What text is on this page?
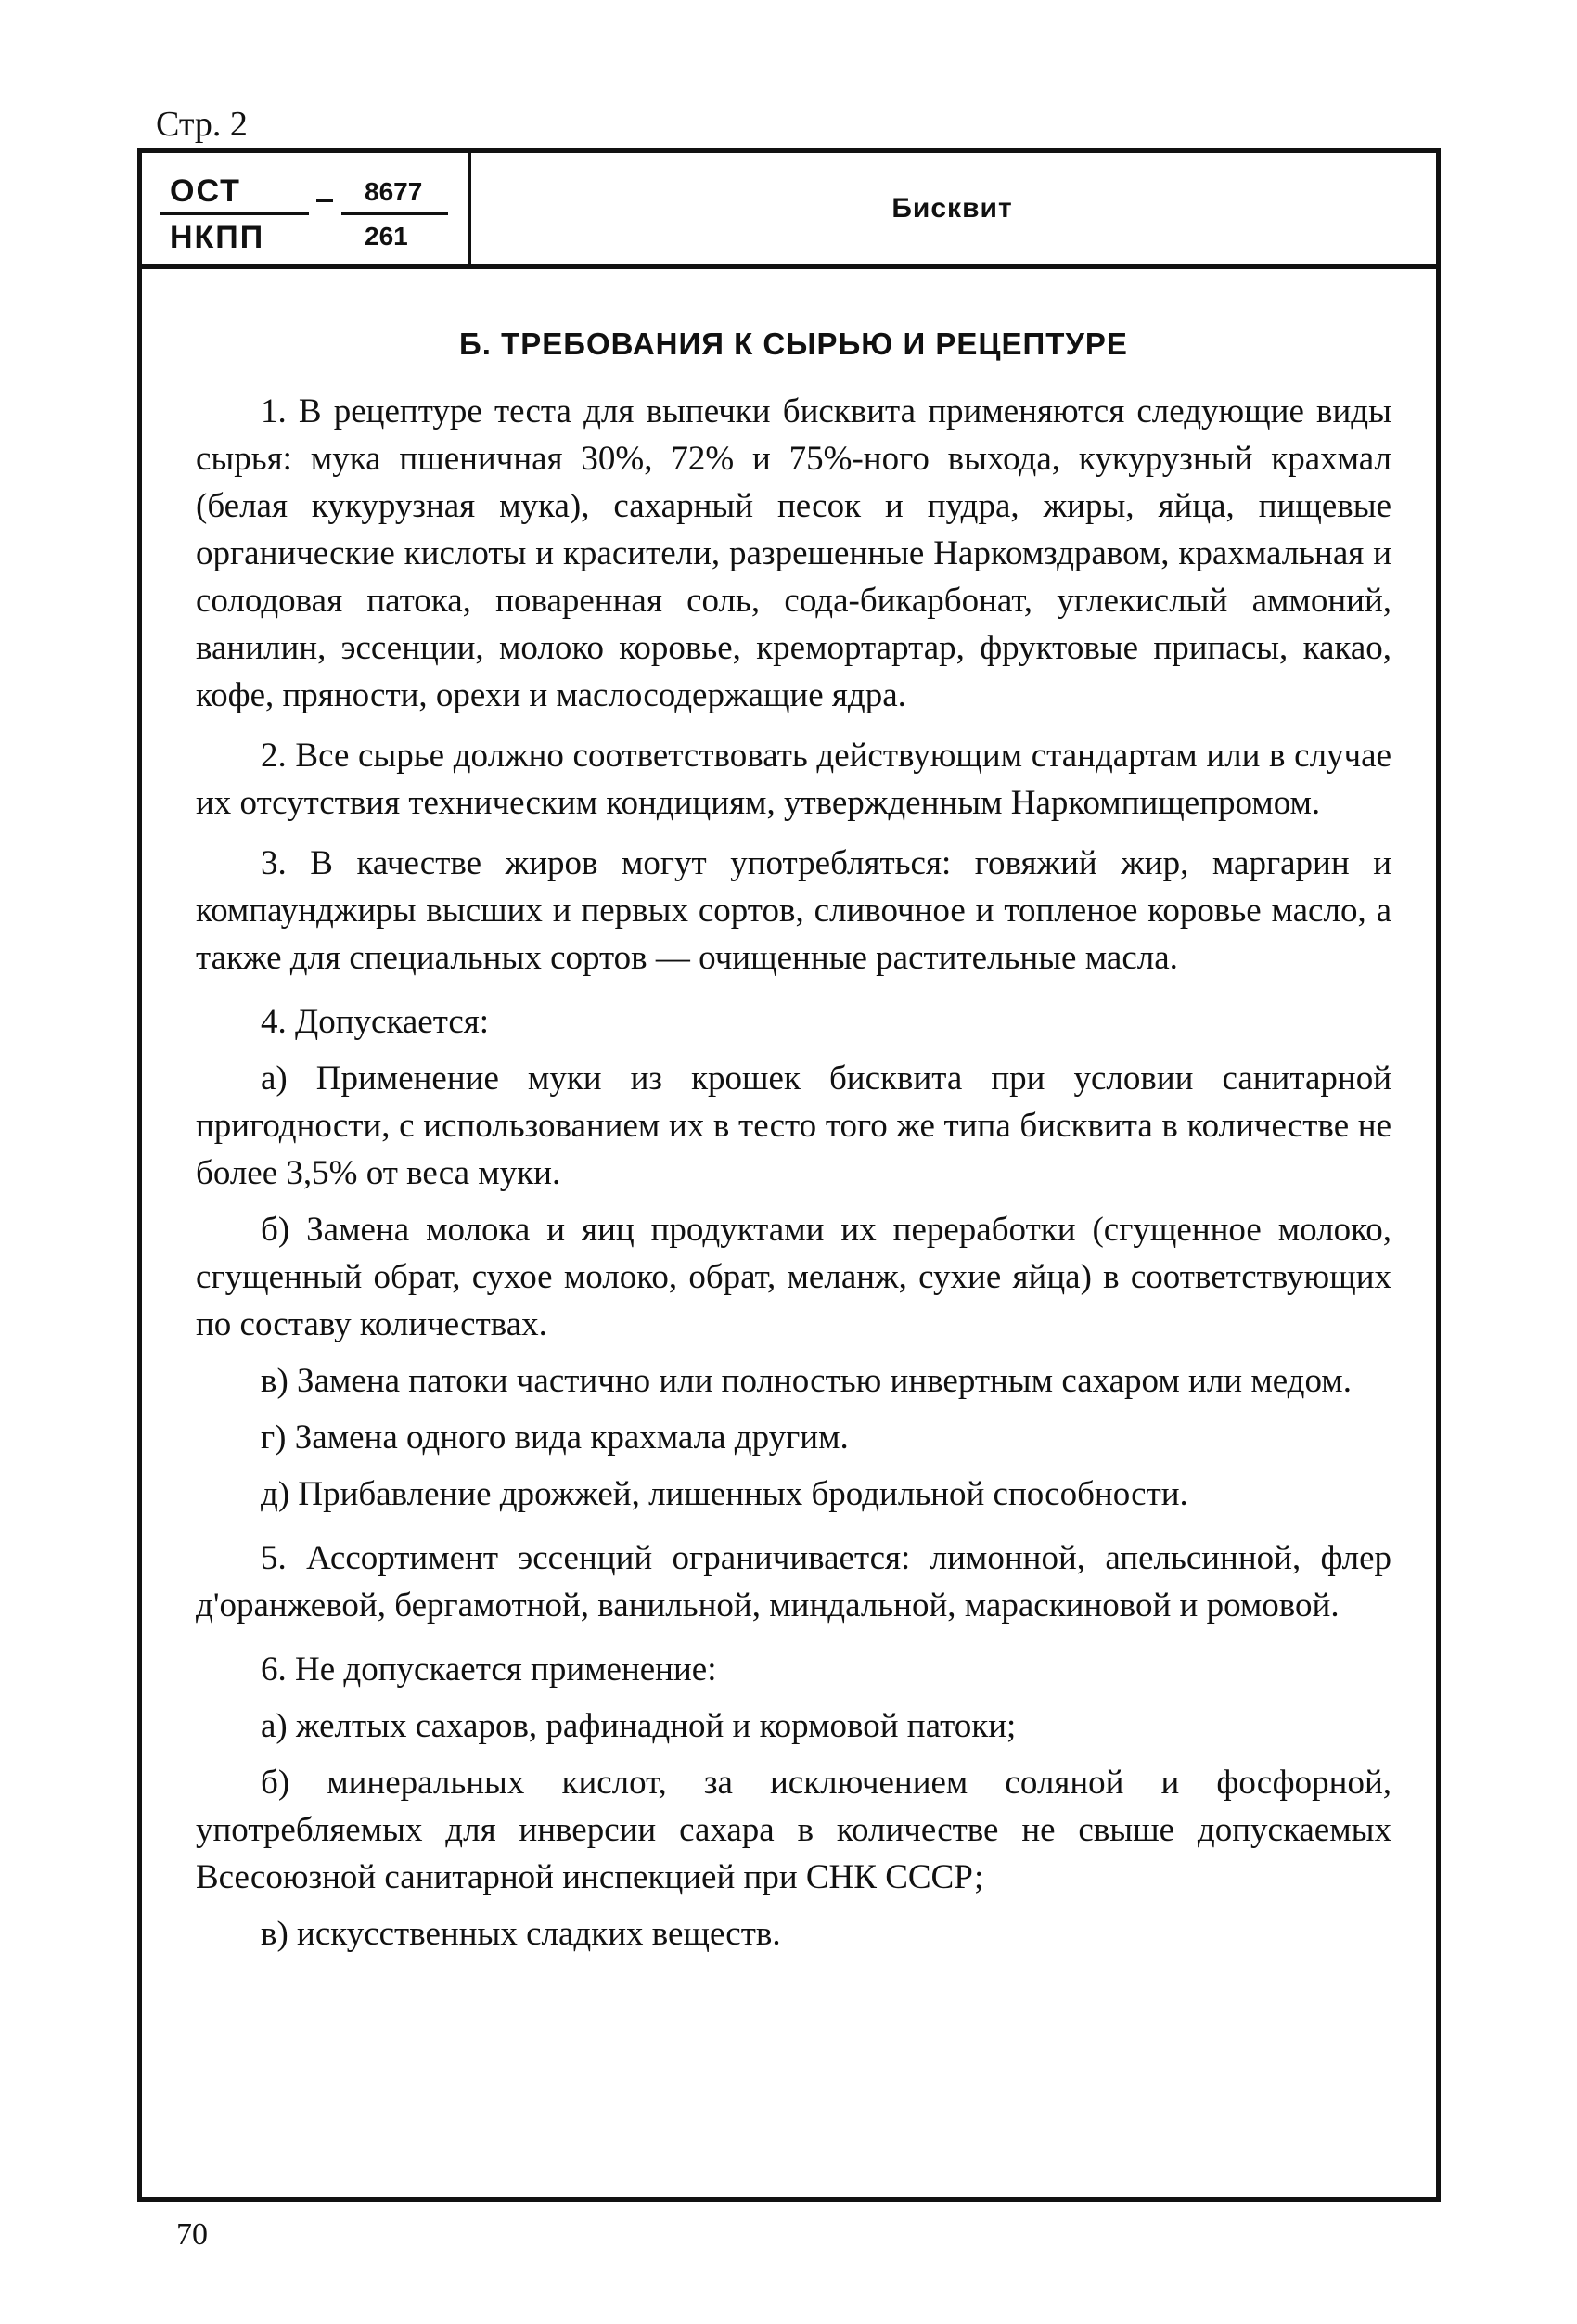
Стр. 2
ОСТ
НКПП
8677
261
Бисквит
Б. ТРЕБОВАНИЯ К СЫРЬЮ И РЕЦЕПТУРЕ

1. В рецептуре теста для выпечки бисквита применяются следующие виды сырья: мука пшеничная 30%, 72% и 75%-ного выхода, кукурузный крахмал (белая кукурузная мука), сахарный песок и пудра, жиры, яйца, пищевые органические кислоты и красители, разрешенные Наркомздравом, крахмальная и солодовая патока, поваренная соль, сода-бикарбонат, углекислый аммоний, ванилин, эссенции, молоко коровье, кремортартар, фруктовые припасы, какао, кофе, пряности, орехи и маслосодержащие ядра.

2. Все сырье должно соответствовать действующим стандартам или в случае их отсутствия техническим кондициям, утвержденным Наркомпищепромом.

3. В качестве жиров могут употребляться: говяжий жир, маргарин и компаунджиры высших и первых сортов, сливочное и топленое коровье масло, а также для специальных сортов — очищенные растительные масла.

4. Допускается:

а) Применение муки из крошек бисквита при условии санитарной пригодности, с использованием их в тесто того же типа бисквита в количестве не более 3,5% от веса муки.

б) Замена молока и яиц продуктами их переработки (сгущенное молоко, сгущенный обрат, сухое молоко, обрат, меланж, сухие яйца) в соответствующих по составу количествах.

в) Замена патоки частично или полностью инвертным сахаром или медом.

г) Замена одного вида крахмала другим.

д) Прибавление дрожжей, лишенных бродильной способности.

5. Ассортимент эссенций ограничивается: лимонной, апельсинной, флер д'оранжевой, бергамотной, ванильной, миндальной, мараскиновой и ромовой.

6. Не допускается применение:

а) желтых сахаров, рафинадной и кормовой патоки;

б) минеральных кислот, за исключением соляной и фосфорной, употребляемых для инверсии сахара в количестве не свыше допускаемых Всесоюзной санитарной инспекцией при СНК СССР;

в) искусственных сладких веществ.

70
